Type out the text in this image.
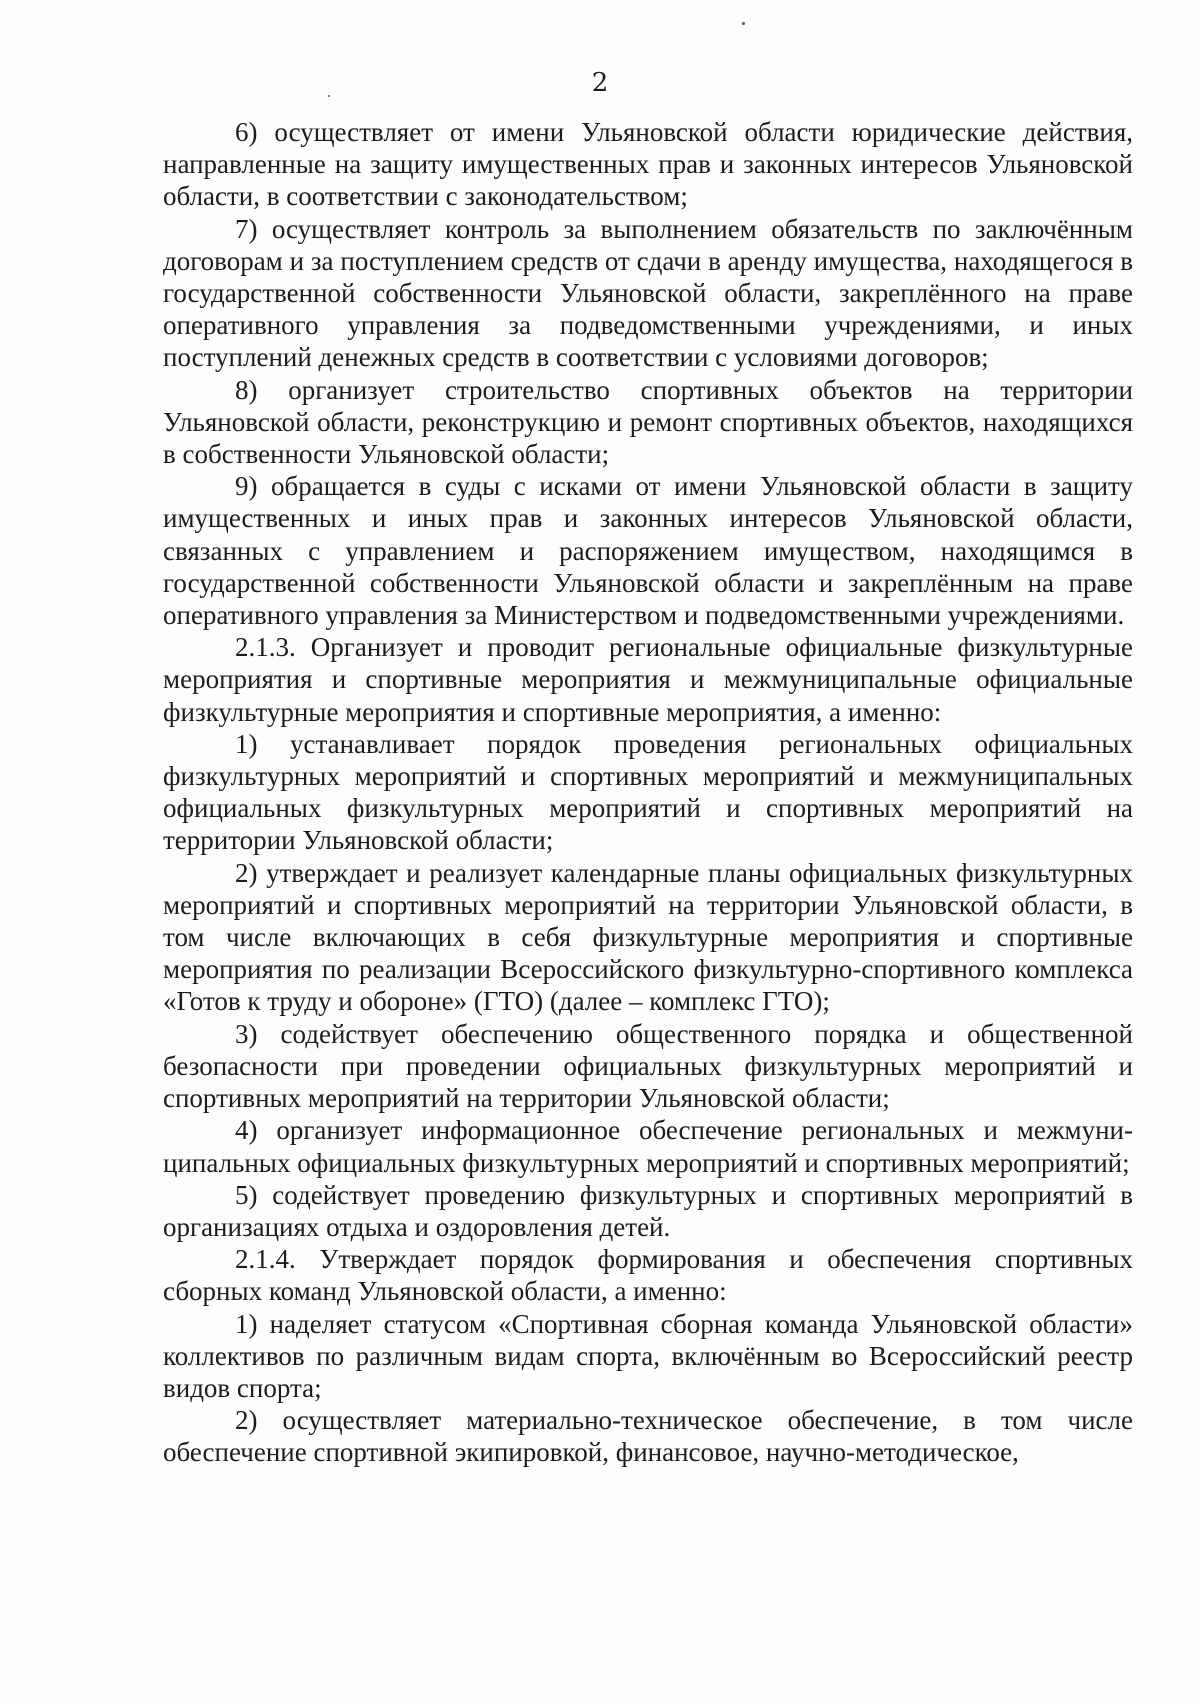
2

6) осуществляет от имени Ульяновской области юридические действия, направленные на защиту имущественных прав и законных интересов Ульяновской области, в соответствии с законодательством;

7) осуществляет контроль за выполнением обязательств по заключённым договорам и за поступлением средств от сдачи в аренду имущества, находящегося в государственной собственности Ульяновской области, закреплённого на праве оперативного управления за подведомственными учреждениями, и иных поступлений денежных средств в соответствии с условиями договоров;

8) организует строительство спортивных объектов на территории Ульяновской области, реконструкцию и ремонт спортивных объектов, находящихся в собственности Ульяновской области;

9) обращается в суды с исками от имени Ульяновской области в защиту имущественных и иных прав и законных интересов Ульяновской области, связанных с управлением и распоряжением имуществом, находящимся в государственной собственности Ульяновской области и закреплённым на праве оперативного управления за Министерством и подведомственными учреждениями.

2.1.3. Организует и проводит региональные официальные физкультурные мероприятия и спортивные мероприятия и межмуниципальные официальные физкультурные мероприятия и спортивные мероприятия, а именно:

1) устанавливает порядок проведения региональных официальных физкультурных мероприятий и спортивных мероприятий и межмуниципальных официальных физкультурных мероприятий и спортивных мероприятий на территории Ульяновской области;

2) утверждает и реализует календарные планы официальных физкультурных мероприятий и спортивных мероприятий на территории Ульяновской области, в том числе включающих в себя физкультурные мероприятия и спортивные мероприятия по реализации Всероссийского физкультурно-спортивного комплекса «Готов к труду и обороне» (ГТО) (далее – комплекс ГТО);

3) содействует обеспечению общественного порядка и общественной безопасности при проведении официальных физкультурных мероприятий и спортивных мероприятий на территории Ульяновской области;

4) организует информационное обеспечение региональных и межмуниципальных официальных физкультурных мероприятий и спортивных мероприятий;

5) содействует проведению физкультурных и спортивных мероприятий в организациях отдыха и оздоровления детей.

2.1.4. Утверждает порядок формирования и обеспечения спортивных сборных команд Ульяновской области, а именно:

1) наделяет статусом «Спортивная сборная команда Ульяновской области» коллективов по различным видам спорта, включённым во Всероссийский реестр видов спорта;

2) осуществляет материально-техническое обеспечение, в том числе обеспечение спортивной экипировкой, финансовое, научно-методическое,
